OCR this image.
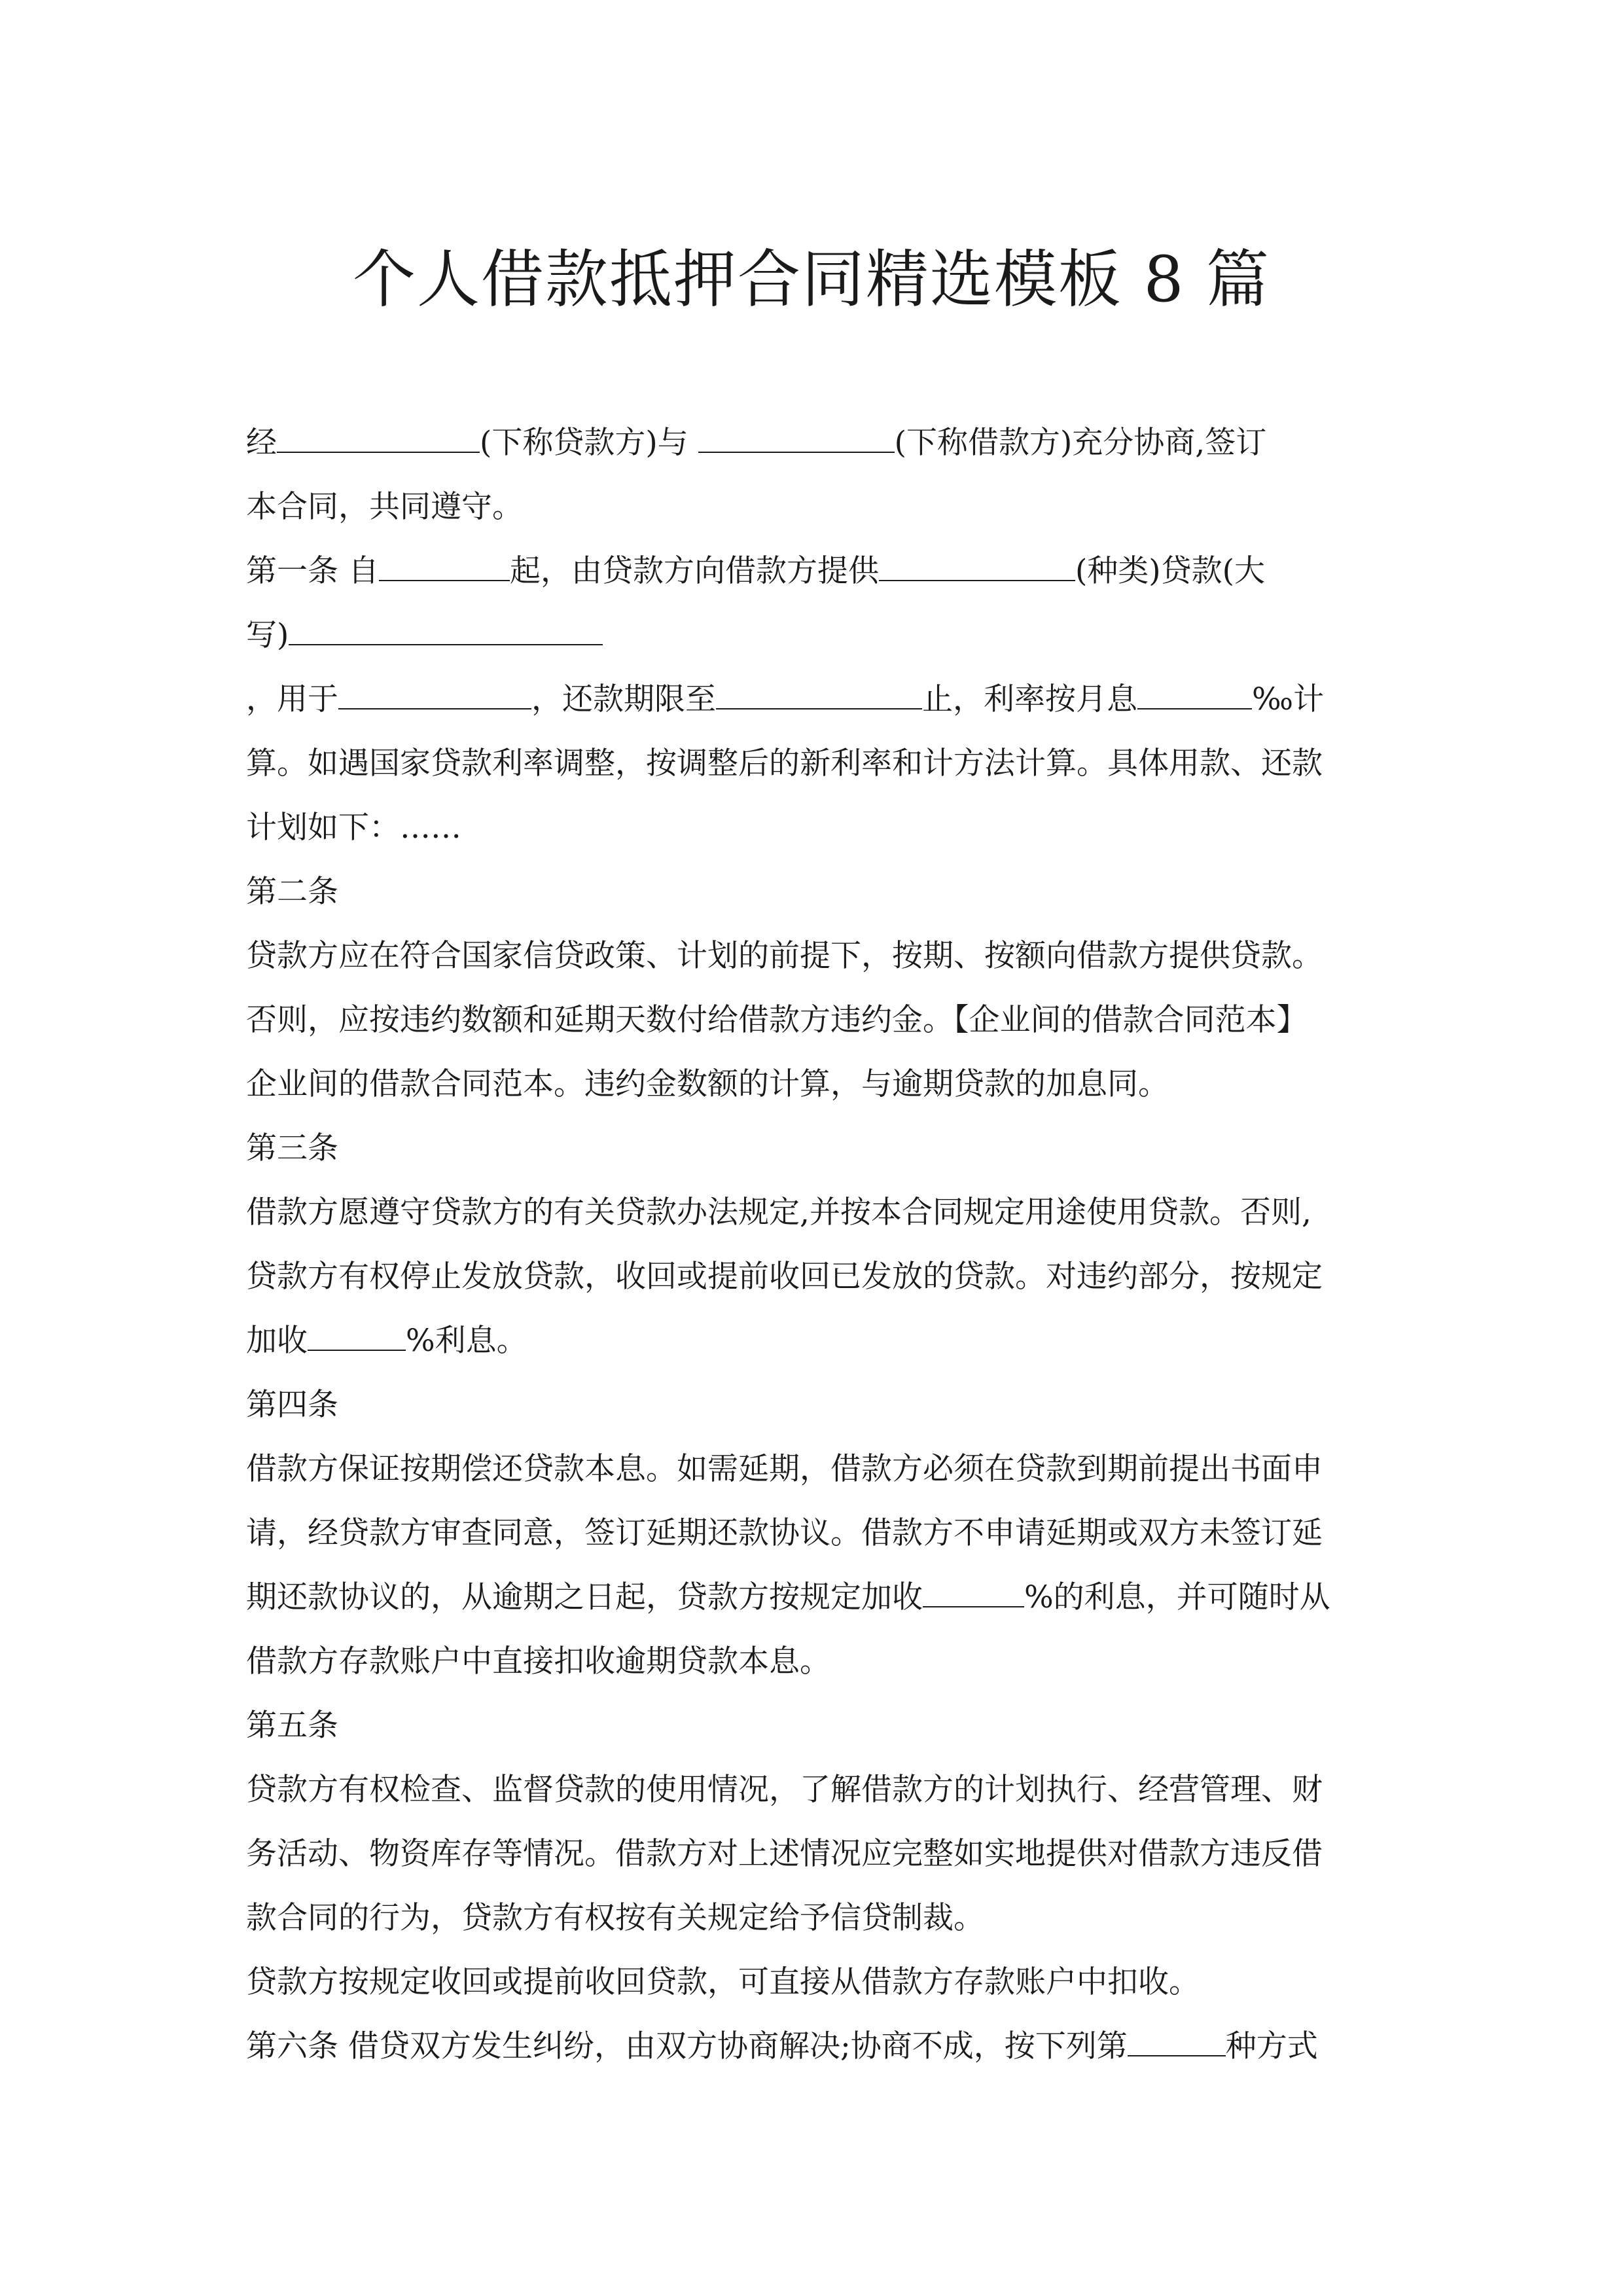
个人借款抵押合同精选模板 8 篇
经	(下称贷款方)与	(下称借款方)充分协商,签订
本合同，共同遵守。
第一条 自	起，由贷款方向借款方提供	(种类)贷款(大
写)
，用于	，还款期限至	止，利率按月息	‰计
算。如遇国家贷款利率调整，按调整后的新利率和计方法计算。具体用款、还款
计划如下：……
第二条
贷款方应在符合国家信贷政策、计划的前提下，按期、按额向借款方提供贷款。
否则，应按违约数额和延期天数付给借款方违约金。【企业间的借款合同范本】
企业间的借款合同范本。违约金数额的计算，与逾期贷款的加息同。
第三条
借款方愿遵守贷款方的有关贷款办法规定,并按本合同规定用途使用贷款。否则,
贷款方有权停止发放贷款，收回或提前收回已发放的贷款。对违约部分，按规定
加收	%利息。
第四条
借款方保证按期偿还贷款本息。如需延期，借款方必须在贷款到期前提出书面申
请，经贷款方审查同意，签订延期还款协议。借款方不申请延期或双方未签订延
期还款协议的，从逾期之日起，贷款方按规定加收	%的利息，并可随时从
借款方存款账户中直接扣收逾期贷款本息。
第五条
贷款方有权检查、监督贷款的使用情况，了解借款方的计划执行、经营管理、财
务活动、物资库存等情况。借款方对上述情况应完整如实地提供对借款方违反借
款合同的行为，贷款方有权按有关规定给予信贷制裁。
贷款方按规定收回或提前收回贷款，可直接从借款方存款账户中扣收。
第六条 借贷双方发生纠纷，由双方协商解决;协商不成，按下列第	种方式
